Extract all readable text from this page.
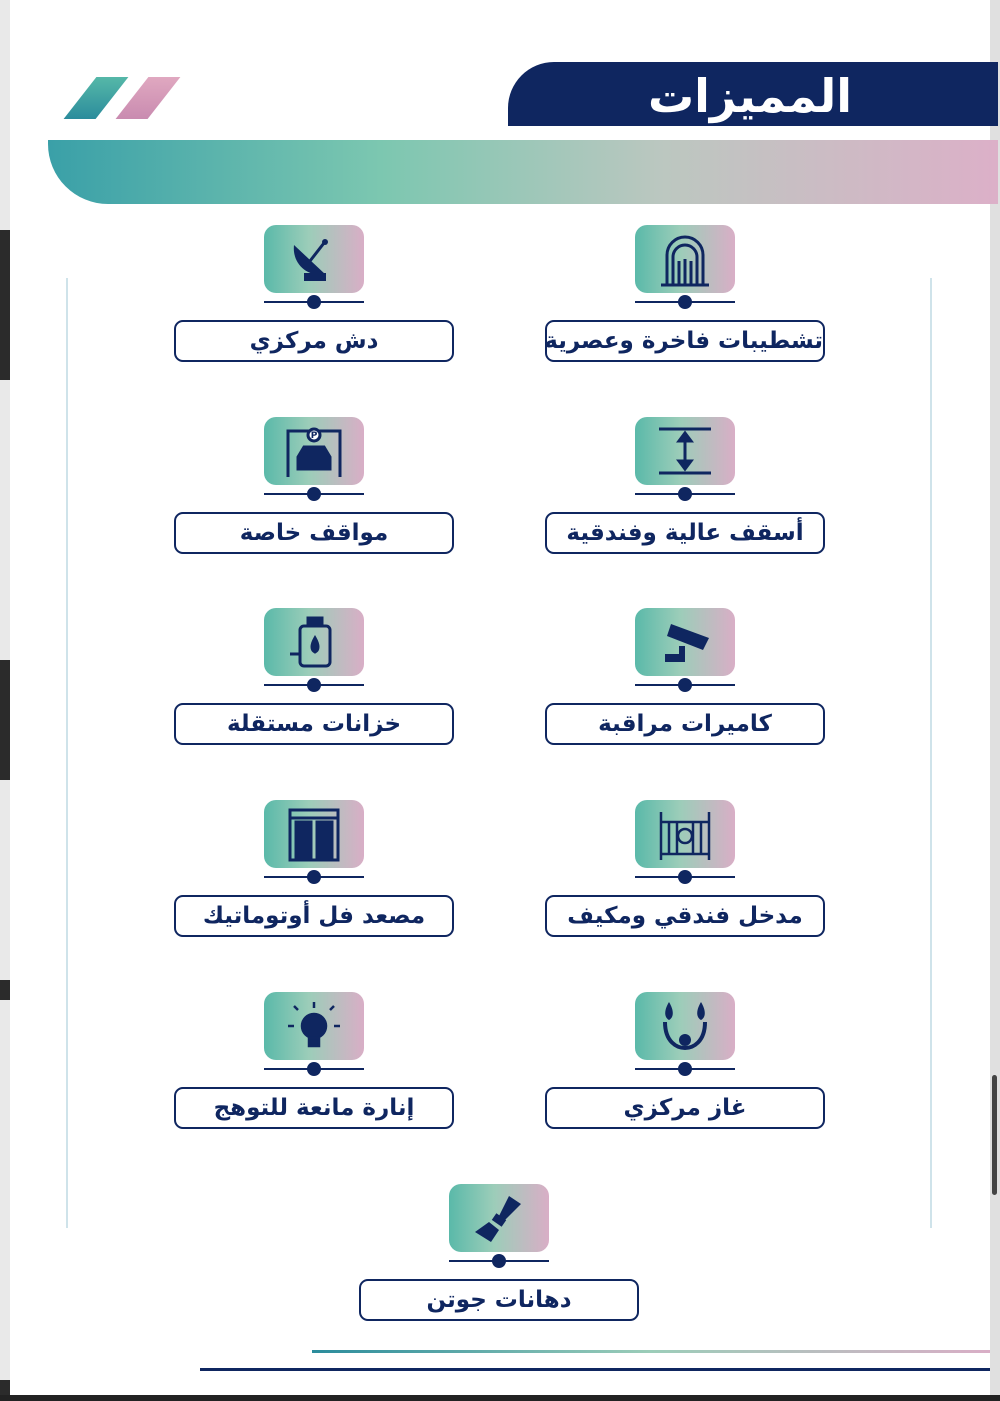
المميزات
تشطيبات فاخرة وعصرية
دش مركزي
أسقف عالية وفندقية
P
مواقف خاصة
كاميرات مراقبة
خزانات مستقلة
مدخل فندقي ومكيف
مصعد فل أوتوماتيك
غاز مركزي
إنارة مانعة للتوهج
دهانات جوتن
